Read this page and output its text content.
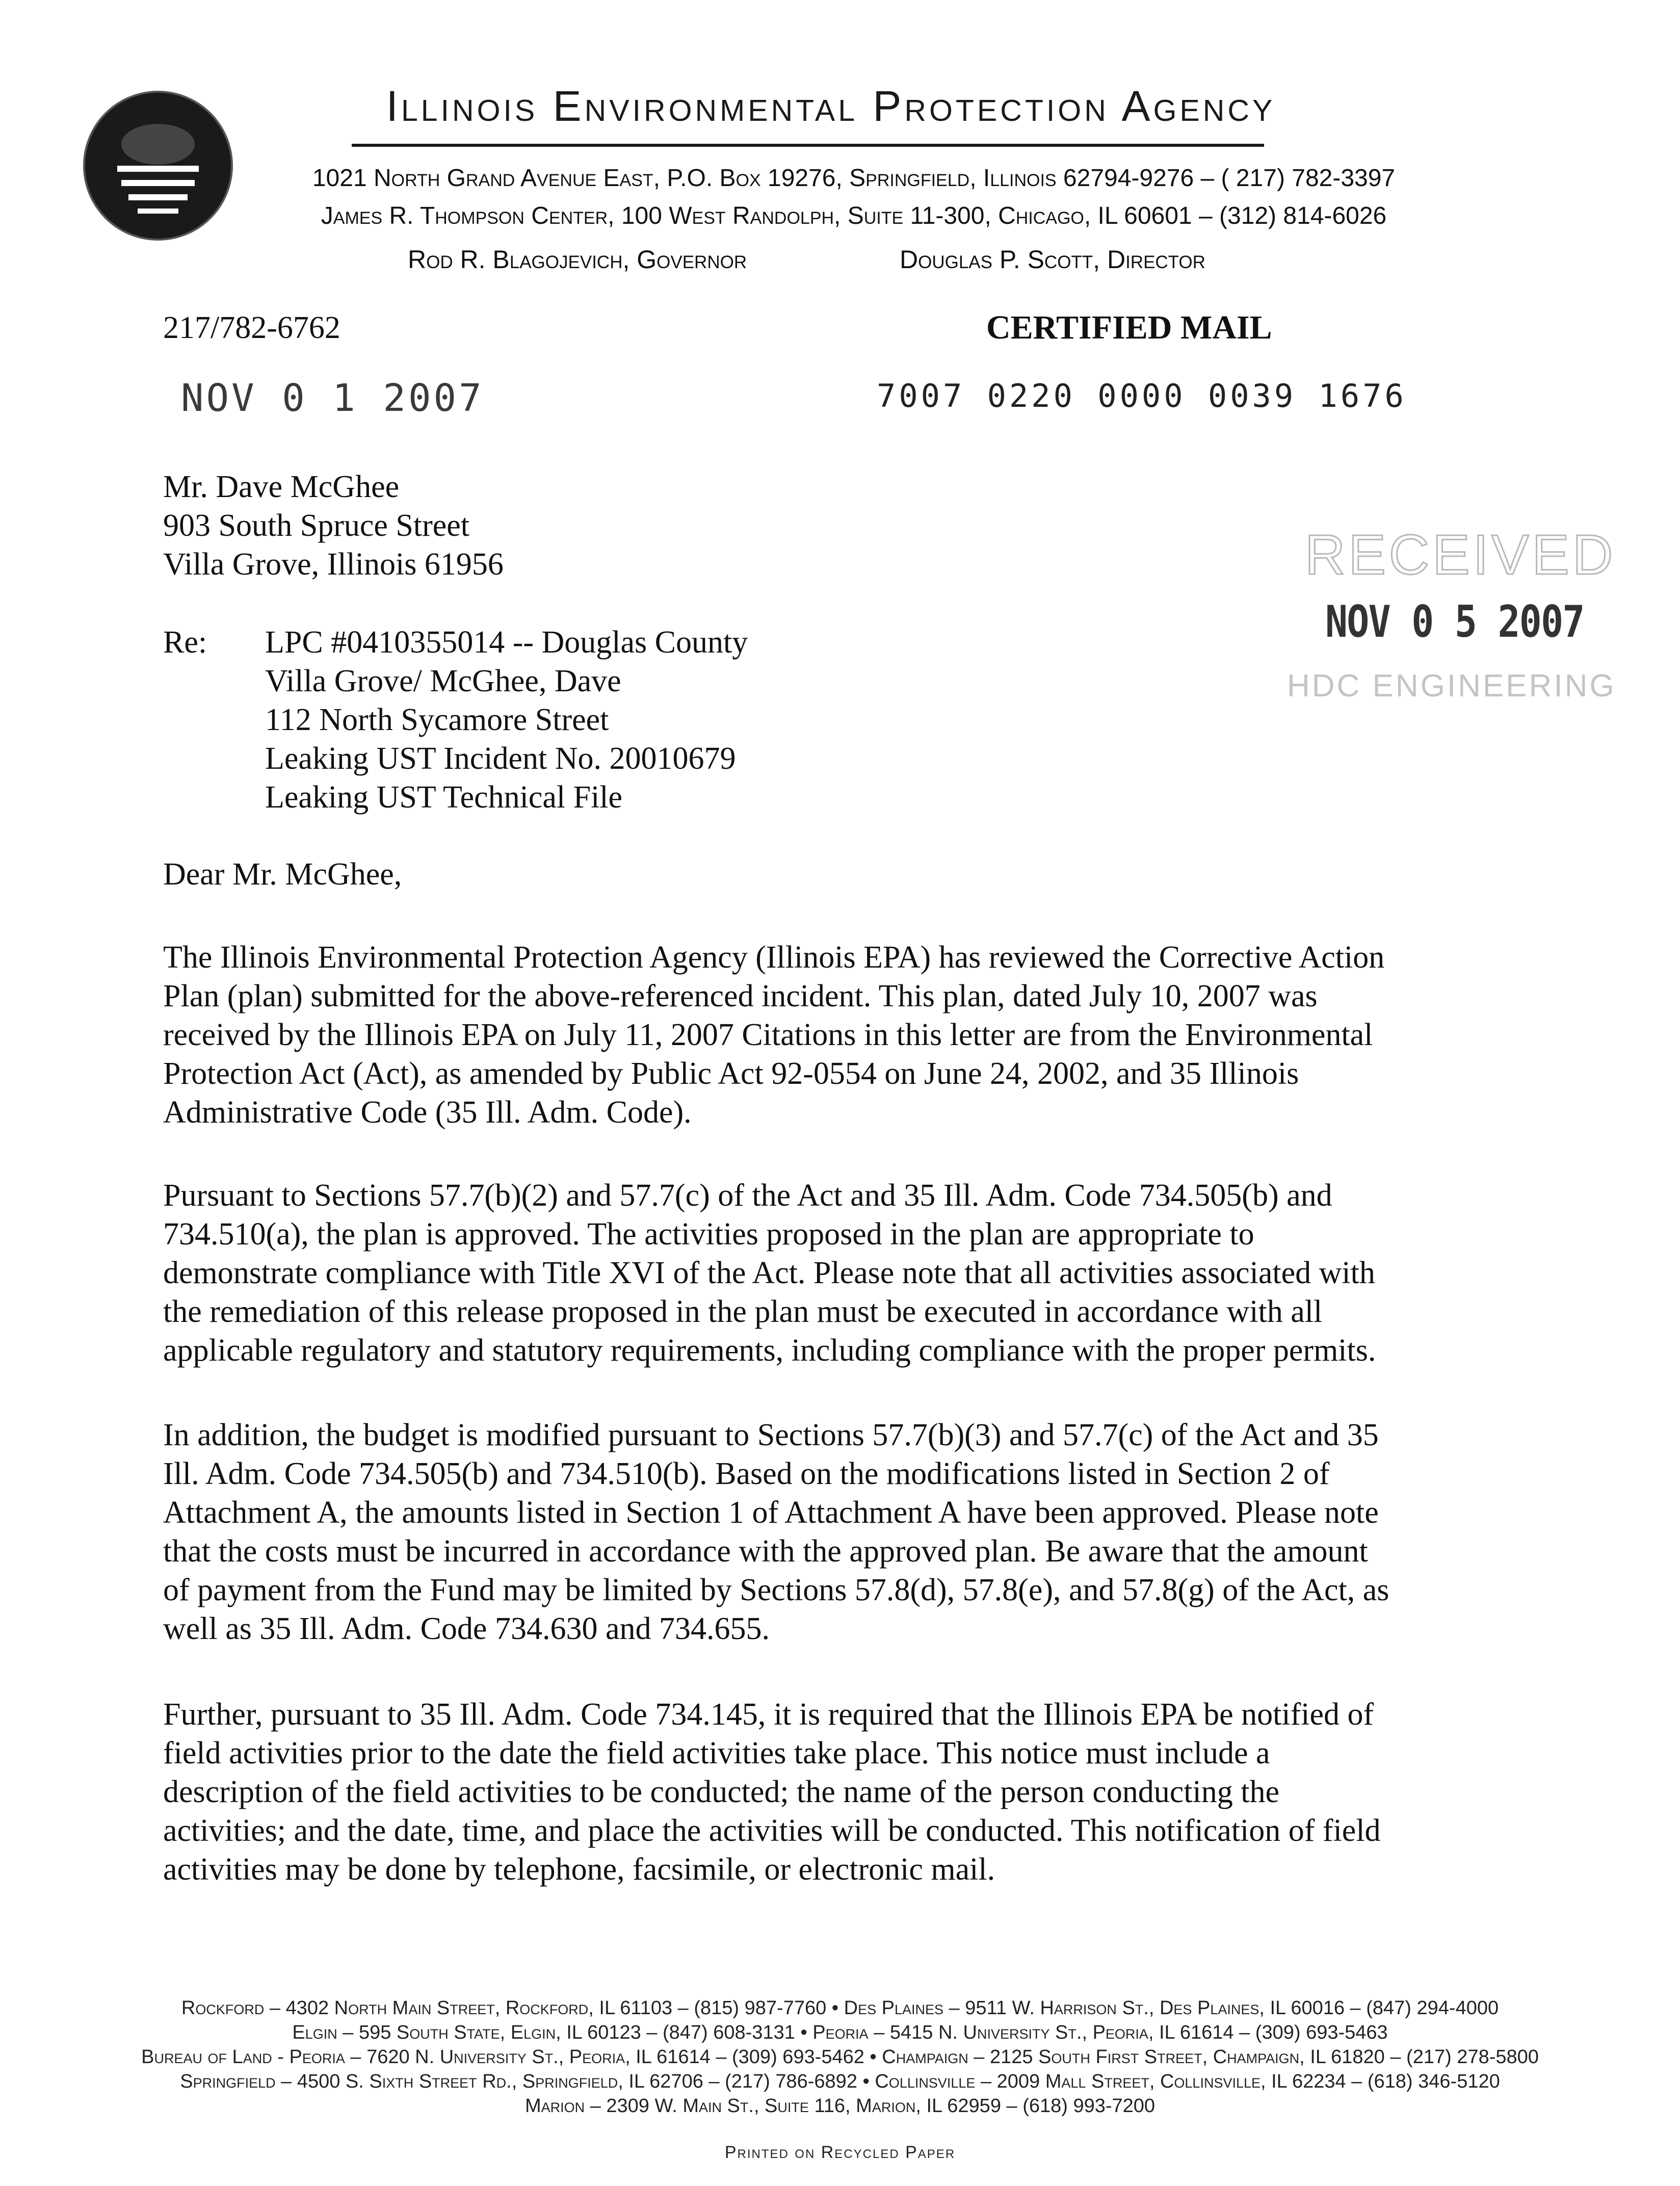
Illinois Environmental Protection Agency
1021 North Grand Avenue East, P.O. Box 19276, Springfield, Illinois 62794-9276 – ( 217) 782-3397
James R. Thompson Center, 100 West Randolph, Suite 11-300, Chicago, IL 60601 – (312) 814-6026
Rod R. Blagojevich, Governor	Douglas P. Scott, Director
217/782-6762	CERTIFIED MAIL
NOV 0 1 2007	7007 0220 0000 0039 1676
Mr. Dave McGhee
903 South Spruce Street
Villa Grove, Illinois 61956	RECEIVED
NOV 0 5 2007
HDC ENGINEERING
Re: LPC #0410355014 -- Douglas County
Villa Grove/ McGhee, Dave
112 North Sycamore Street
Leaking UST Incident No. 20010679
Leaking UST Technical File
Dear Mr. McGhee,
The Illinois Environmental Protection Agency (Illinois EPA) has reviewed the Corrective Action
Plan (plan) submitted for the above-referenced incident. This plan, dated July 10, 2007 was
received by the Illinois EPA on July 11, 2007 Citations in this letter are from the Environmental
Protection Act (Act), as amended by Public Act 92-0554 on June 24, 2002, and 35 Illinois
Administrative Code (35 Ill. Adm. Code).
Pursuant to Sections 57.7(b)(2) and 57.7(c) of the Act and 35 Ill. Adm. Code 734.505(b) and
734.510(a), the plan is approved. The activities proposed in the plan are appropriate to
demonstrate compliance with Title XVI of the Act. Please note that all activities associated with
the remediation of this release proposed in the plan must be executed in accordance with all
applicable regulatory and statutory requirements, including compliance with the proper permits.
In addition, the budget is modified pursuant to Sections 57.7(b)(3) and 57.7(c) of the Act and 35
Ill. Adm. Code 734.505(b) and 734.510(b). Based on the modifications listed in Section 2 of
Attachment A, the amounts listed in Section 1 of Attachment A have been approved. Please note
that the costs must be incurred in accordance with the approved plan. Be aware that the amount
of payment from the Fund may be limited by Sections 57.8(d), 57.8(e), and 57.8(g) of the Act, as
well as 35 Ill. Adm. Code 734.630 and 734.655.
Further, pursuant to 35 Ill. Adm. Code 734.145, it is required that the Illinois EPA be notified of
field activities prior to the date the field activities take place. This notice must include a
description of the field activities to be conducted; the name of the person conducting the
activities; and the date, time, and place the activities will be conducted. This notification of field
activities may be done by telephone, facsimile, or electronic mail.
Rockford – 4302 North Main Street, Rockford, IL 61103 – (815) 987-7760 • Des Plaines – 9511 W. Harrison St., Des Plaines, IL 60016 – (847) 294-4000
Elgin – 595 South State, Elgin, IL 60123 – (847) 608-3131 • Peoria – 5415 N. University St., Peoria, IL 61614 – (309) 693-5463
Bureau of Land - Peoria – 7620 N. University St., Peoria, IL 61614 – (309) 693-5462 • Champaign – 2125 South First Street, Champaign, IL 61820 – (217) 278-5800
Springfield – 4500 S. Sixth Street Rd., Springfield, IL 62706 – (217) 786-6892 • Collinsville – 2009 Mall Street, Collinsville, IL 62234 – (618) 346-5120
Marion – 2309 W. Main St., Suite 116, Marion, IL 62959 – (618) 993-7200
Printed on Recycled Paper
